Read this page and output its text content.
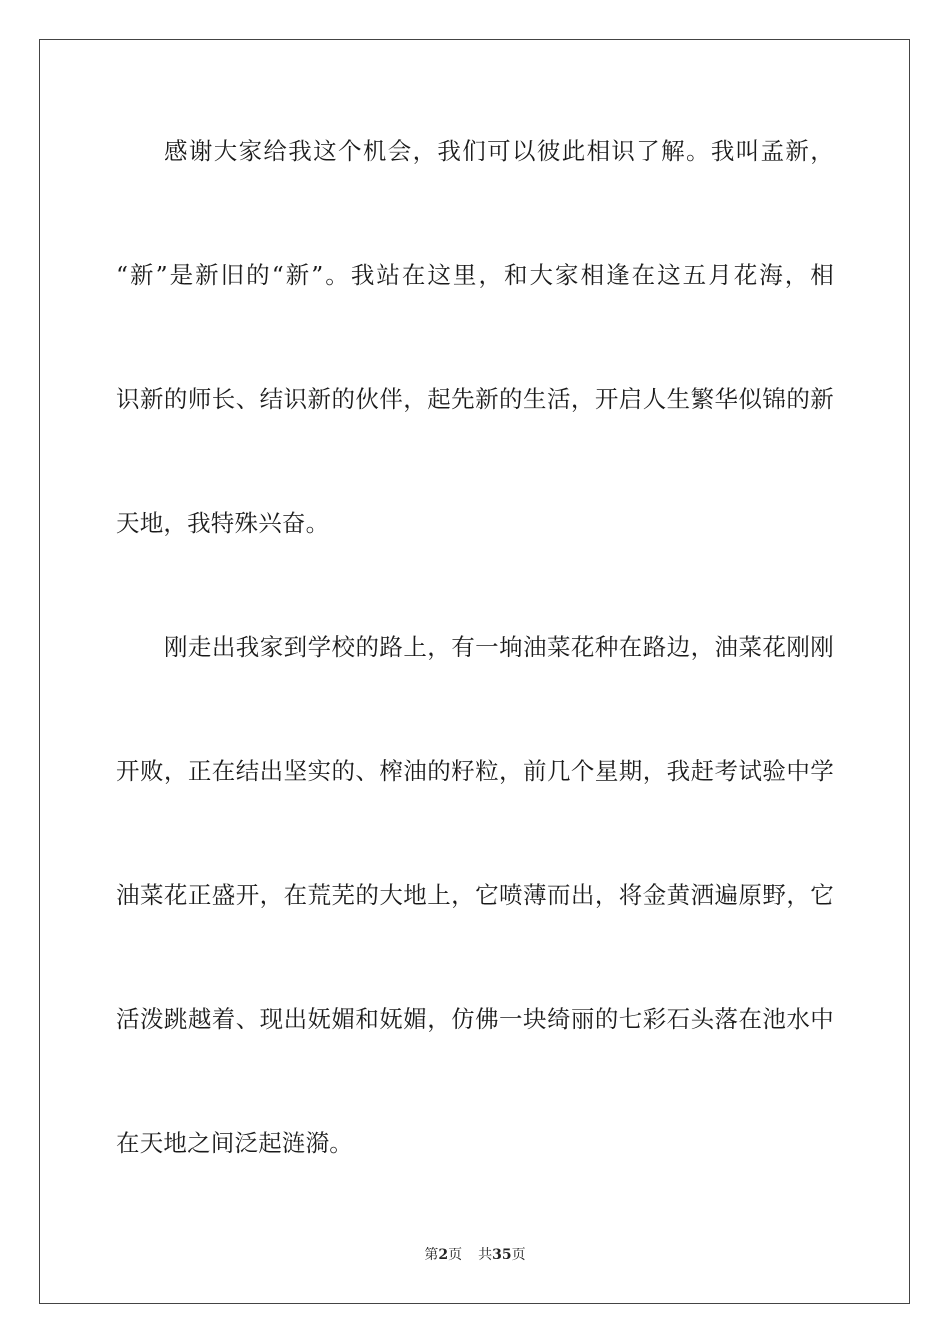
感谢大家给我这个机会，我们可以彼此相识了解。我叫孟新，
“新”是新旧的“新”。我站在这里，和大家相逢在这五月花海，相
识新的师长、结识新的伙伴，起先新的生活，开启人生繁华似锦的新
天地，我特殊兴奋。
刚走出我家到学校的路上，有一垧油菜花种在路边，油菜花刚刚
开败，正在结出坚实的、榨油的籽粒，前几个星期，我赶考试验中学
油菜花正盛开，在荒芜的大地上，它喷薄而出，将金黄洒遍原野，它
活泼跳越着、现出妩媚和妩媚，仿佛一块绮丽的七彩石头落在池水中
在天地之间泛起涟漪。
第2页 共35页
